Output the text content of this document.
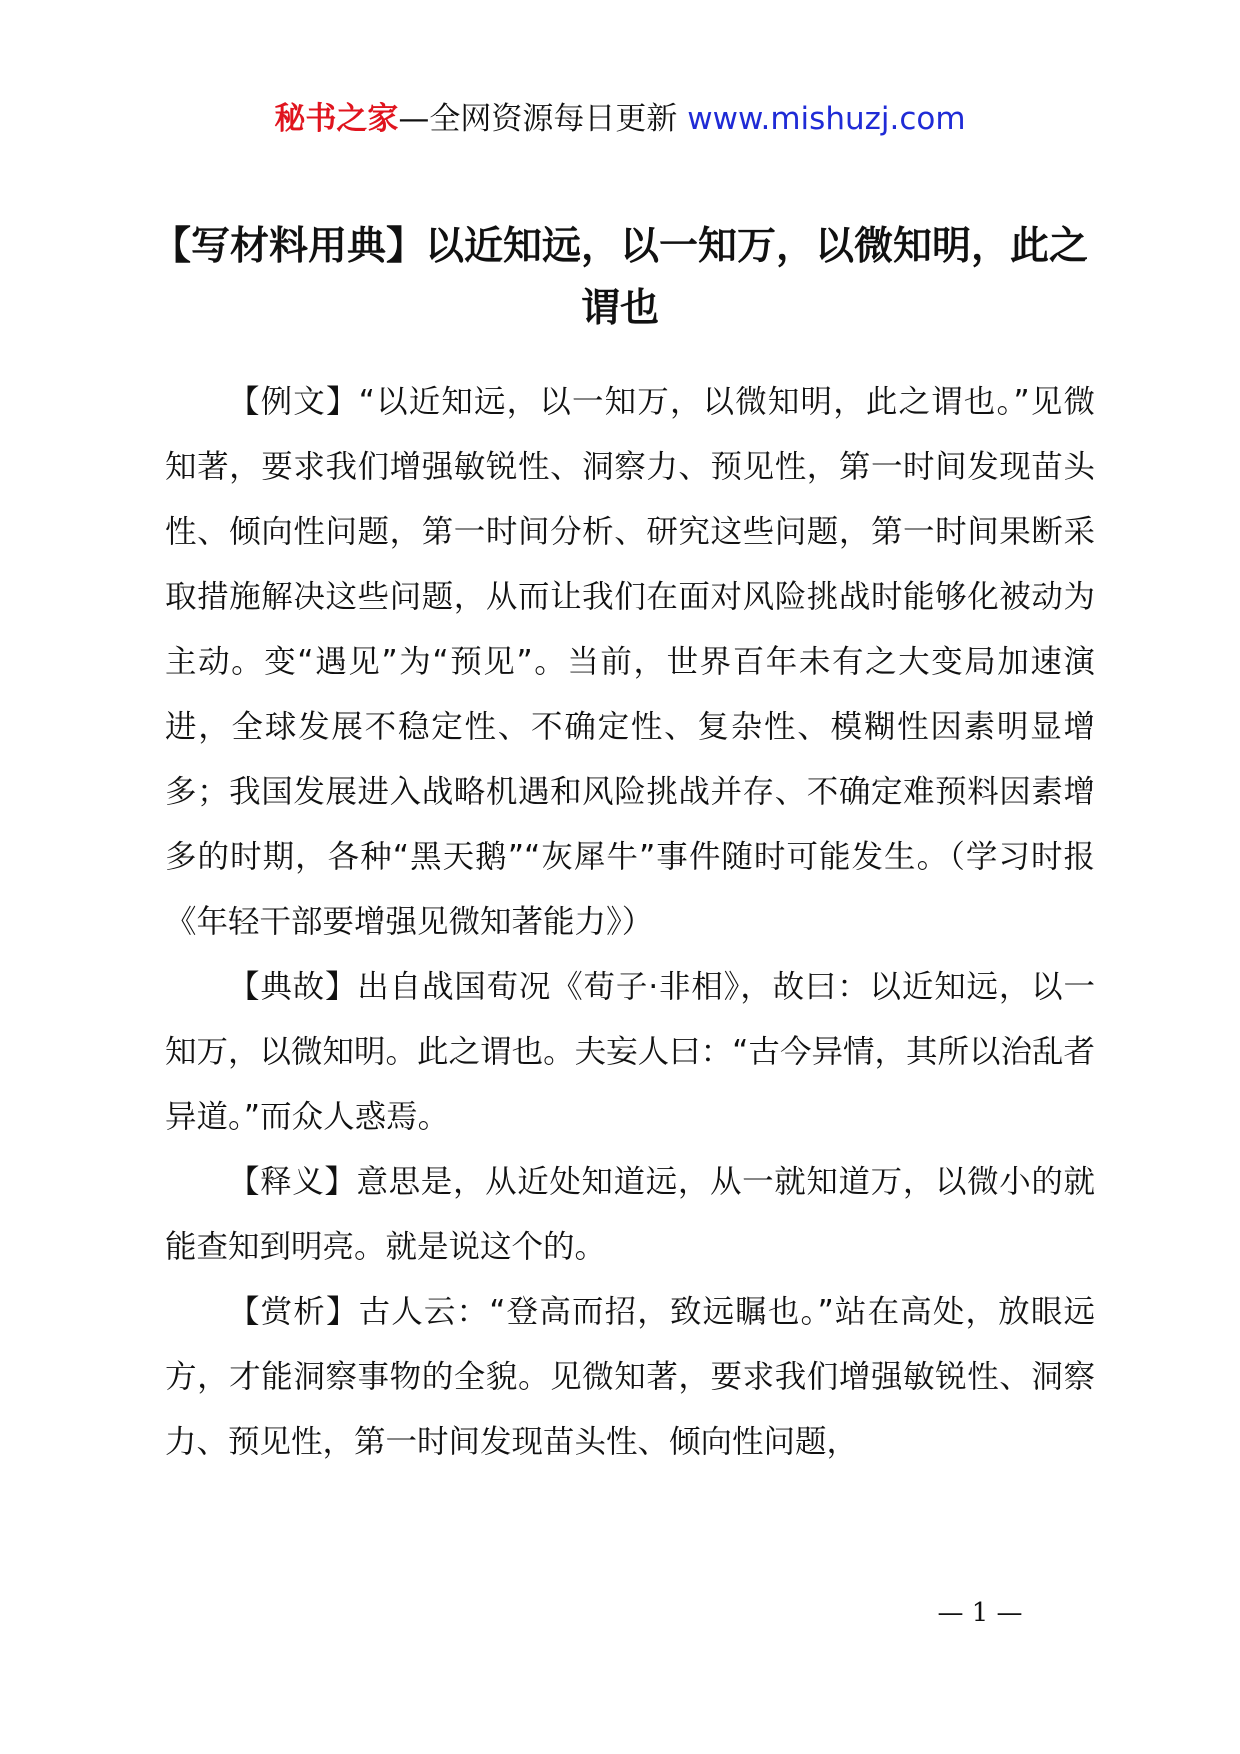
秘书之家—全网资源每日更新 www.mishuzj.com
【写材料用典】以近知远，以一知万，以微知明，此之谓也

【例文】“以近知远，以一知万，以微知明，此之谓也。”见微知著，要求我们增强敏锐性、洞察力、预见性，第一时间发现苗头性、倾向性问题，第一时间分析、研究这些问题，第一时间果断采取措施解决这些问题，从而让我们在面对风险挑战时能够化被动为主动。变“遇见”为“预见”。当前，世界百年未有之大变局加速演进，全球发展不稳定性、不确定性、复杂性、模糊性因素明显增多；我国发展进入战略机遇和风险挑战并存、不确定难预料因素增多的时期，各种“黑天鹅”“灰犀牛”事件随时可能发生。（学习时报《年轻干部要增强见微知著能力》）

【典故】出自战国荀况《荀子·非相》，故曰：以近知远，以一知万，以微知明。此之谓也。夫妄人曰：“古今异情，其所以治乱者异道。”而众人惑焉。

【释义】意思是，从近处知道远，从一就知道万，以微小的就能查知到明亮。就是说这个的。

【赏析】古人云：“登高而招，致远瞩也。”站在高处，放眼远方，才能洞察事物的全貌。见微知著，要求我们增强敏锐性、洞察力、预见性，第一时间发现苗头性、倾向性问题，

— 1 —
